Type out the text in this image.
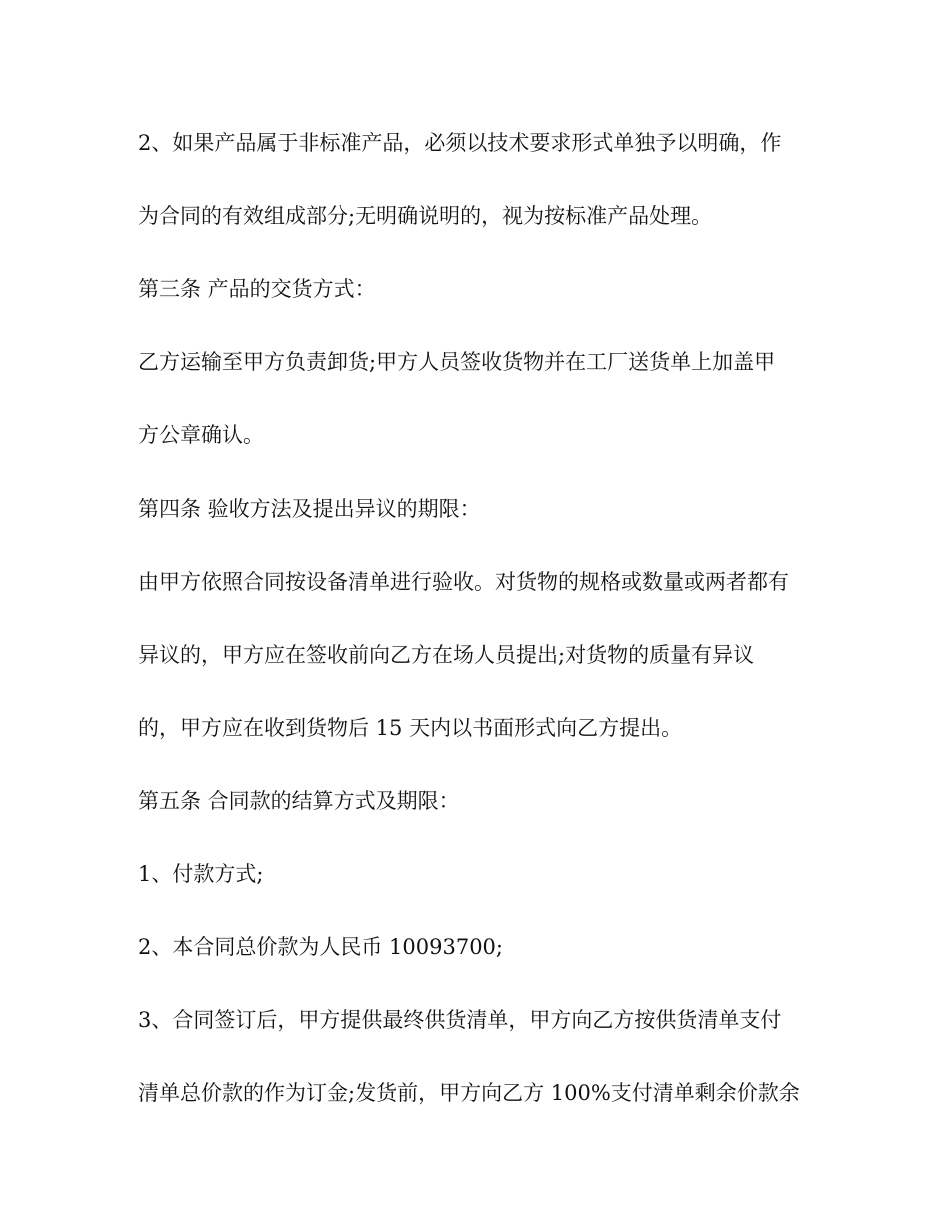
2、如果产品属于非标准产品，必须以技术要求形式单独予以明确，作
为合同的有效组成部分;无明确说明的，视为按标准产品处理。
第三条 产品的交货方式：
乙方运输至甲方负责卸货;甲方人员签收货物并在工厂送货单上加盖甲
方公章确认。
第四条 验收方法及提出异议的期限：
由甲方依照合同按设备清单进行验收。对货物的规格或数量或两者都有
异议的，甲方应在签收前向乙方在场人员提出;对货物的质量有异议
的，甲方应在收到货物后 15 天内以书面形式向乙方提出。
第五条 合同款的结算方式及期限：
1、付款方式;
2、本合同总价款为人民币 10093700;
3、合同签订后，甲方提供最终供货清单，甲方向乙方按供货清单支付
清单总价款的作为订金;发货前，甲方向乙方 100%支付清单剩余价款余
